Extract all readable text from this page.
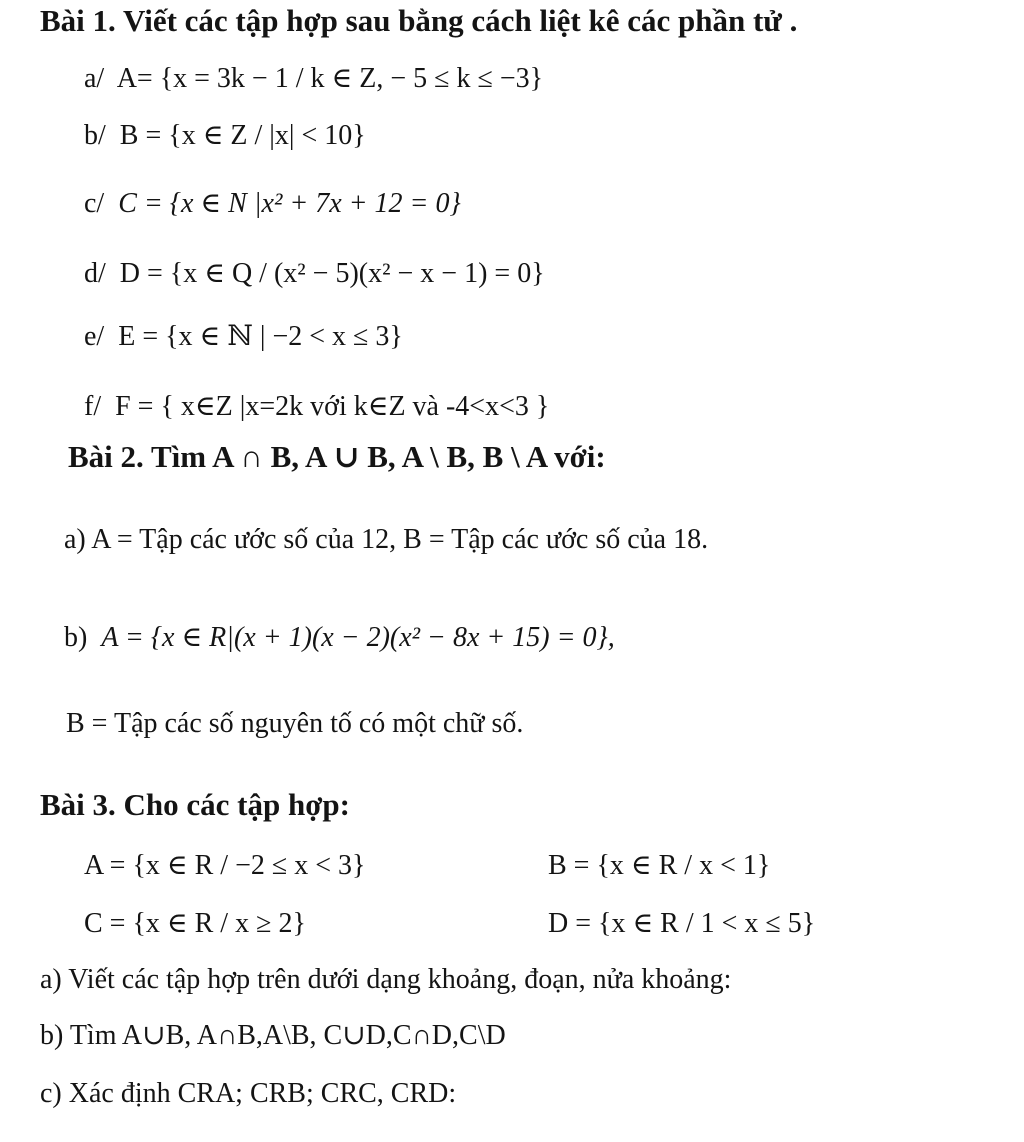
Bài 1. Viết các tập hợp sau bằng cách liệt kê các phần tử .
a/ A= {x = 3k − 1 / k ∈ Z, − 5 ≤ k ≤ −3}
b/ B = {x ∈ Z / |x| < 10}
c/ C = {x ∈ N |x² + 7x + 12 = 0}
d/ D = {x ∈ Q / (x² − 5)(x² − x − 1) = 0}
e/ E = {x ∈ ℕ | −2 < x ≤ 3}
f/ F = { x∈Z |x=2k với k∈Z và -4<x<3 }
Bài 2. Tìm A ∩ B, A ∪ B, A \ B, B \ A với:
a) A = Tập các ước số của 12, B = Tập các ước số của 18.
b) A = {x ∈ R|(x + 1)(x − 2)(x² − 8x + 15) = 0},
B = Tập các số nguyên tố có một chữ số.
Bài 3. Cho các tập hợp:
A = {x ∈ R / −2 ≤ x < 3}	B = {x ∈ R / x < 1}
C = {x ∈ R / x ≥ 2}	D = {x ∈ R / 1 < x ≤ 5}
a) Viết các tập hợp trên dưới dạng khoảng, đoạn, nửa khoảng:
b) Tìm A∪B, A∩B,A\B, C∪D,C∩D,C\D
c) Xác định CRA; CRB; CRC, CRD:
